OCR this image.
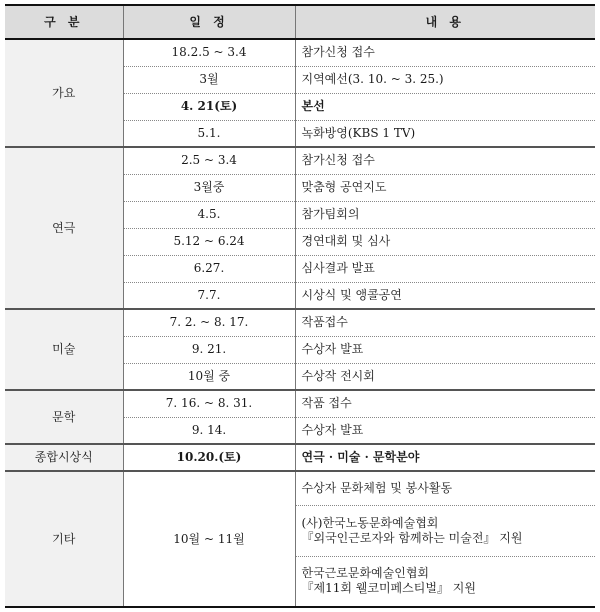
구 분	일 정	내 용
가요	18.2.5 ~ 3.4	참가신청 접수
	3월	지역예선(3. 10. ~ 3. 25.)
	4. 21(토)	본선
	5.1.	녹화방영(KBS 1 TV)
연극	2.5 ~ 3.4	참가신청 접수
	3월중	맞춤형 공연지도
	4.5.	참가팀회의
	5.12 ~ 6.24	경연대회 및 심사
	6.27.	심사결과 발표
	7.7.	시상식 및 앵콜공연
미술	7. 2. ~ 8. 17.	작품접수
	9. 21.	수상자 발표
	10월 중	수상작 전시회
문학	7. 16. ~ 8. 31.	작품 접수
	9. 14.	수상자 발표
종합시상식	10.20.(토)	연극 · 미술 · 문학분야
기타	10월 ~ 11월	수상자 문화체험 및 봉사활동

		(사)한국노동문화예술협회
『외국인근로자와 함께하는 미술전』 지원

		한국근로문화예술인협회
『제11회 웰코미페스티벌』 지원
